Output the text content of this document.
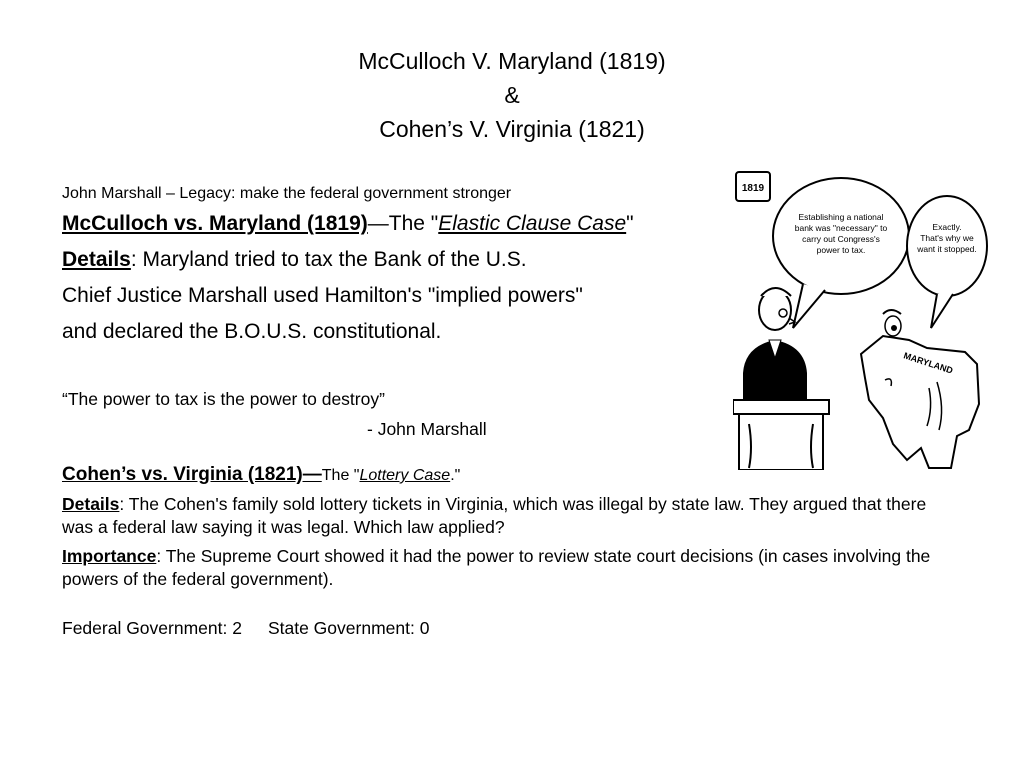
McCulloch V. Maryland (1819)
&
Cohen’s V. Virginia (1821)
John Marshall – Legacy: make the federal government stronger
McCulloch vs. Maryland (1819)—The "Elastic Clause Case"
Details: Maryland tried to tax the Bank of the U.S.
Chief Justice Marshall used Hamilton's "implied powers"
and declared the B.O.U.S. constitutional.
“The power to tax is the power to destroy”
- John Marshall
Cohen’s vs. Virginia (1821)—The "Lottery Case."
Details: The Cohen's family sold lottery tickets in Virginia, which was illegal by state law. They argued that there was a federal law saying it was legal. Which law applied?
Importance: The Supreme Court showed it had the power to review state court decisions (in cases involving the powers of the federal government).
Federal Government: 2 State Government: 0
1819
Establishing a national
bank was "necessary" to
carry out Congress's
power to tax.
Exactly.
That's why we
want it stopped.
MARYLAND
